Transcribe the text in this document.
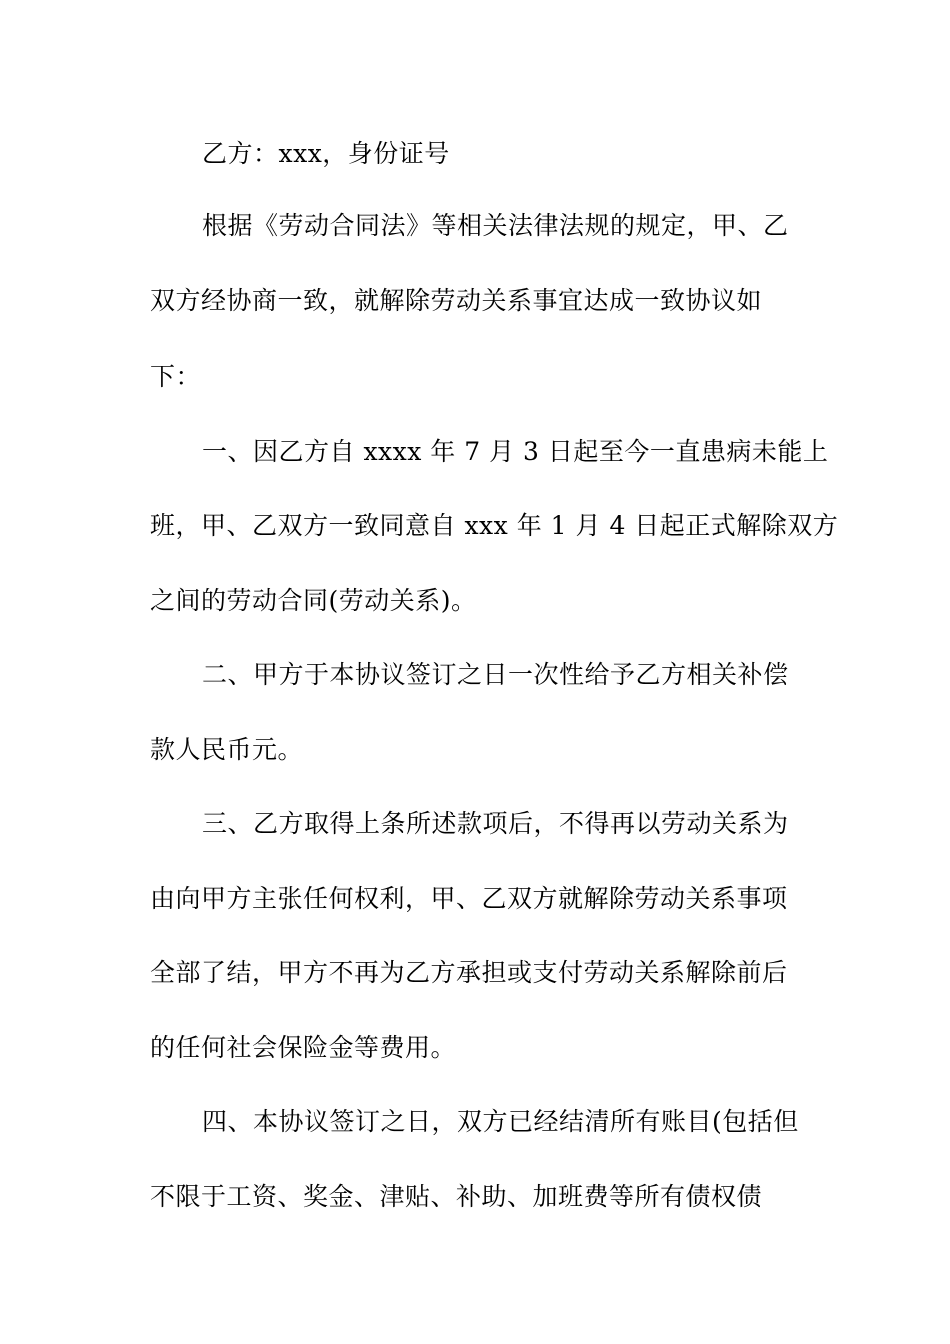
乙方：xxx，身份证号
根据《劳动合同法》等相关法律法规的规定，甲、乙
双方经协商一致，就解除劳动关系事宜达成一致协议如
下：
一、因乙方自 xxxx 年 7 月 3 日起至今一直患病未能上
班，甲、乙双方一致同意自 xxx 年 1 月 4 日起正式解除双方
之间的劳动合同(劳动关系)。
二、甲方于本协议签订之日一次性给予乙方相关补偿
款人民币元。
三、乙方取得上条所述款项后，不得再以劳动关系为
由向甲方主张任何权利，甲、乙双方就解除劳动关系事项
全部了结，甲方不再为乙方承担或支付劳动关系解除前后
的任何社会保险金等费用。
四、本协议签订之日，双方已经结清所有账目(包括但
不限于工资、奖金、津贴、补助、加班费等所有债权债
